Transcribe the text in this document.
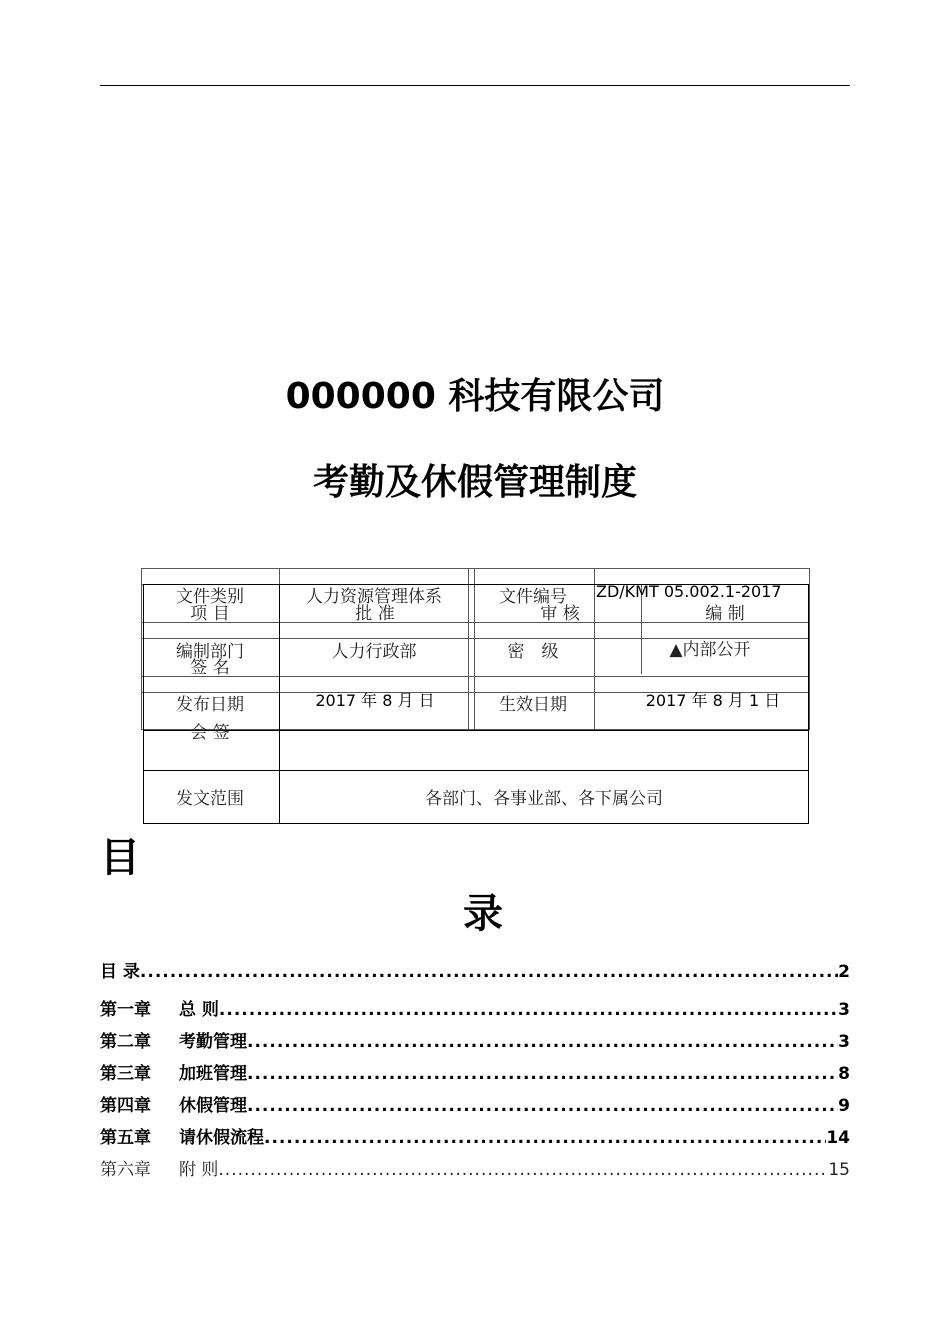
000000 科技有限公司
考勤及休假管理制度
文件类别	人力资源管理体系	文件编号	ZD/KMT 05.002.1-2017
项 目	批 准	审 核	编 制
编制部门	人力行政部	密　级	▲内部公开
签 名
发布日期	2017 年 8 月 日	生效日期	2017 年 8 月 1 日
会 签
发文范围	各部门、各事业部、各下属公司
目
录
目 录 .....	2
第一章 总 则 .....	3
第二章 考勤管理 .....	3
第三章 加班管理 .....	8
第四章 休假管理 .....	9
第五章 请休假流程 .....	14
第六章 附 则 .....	15
